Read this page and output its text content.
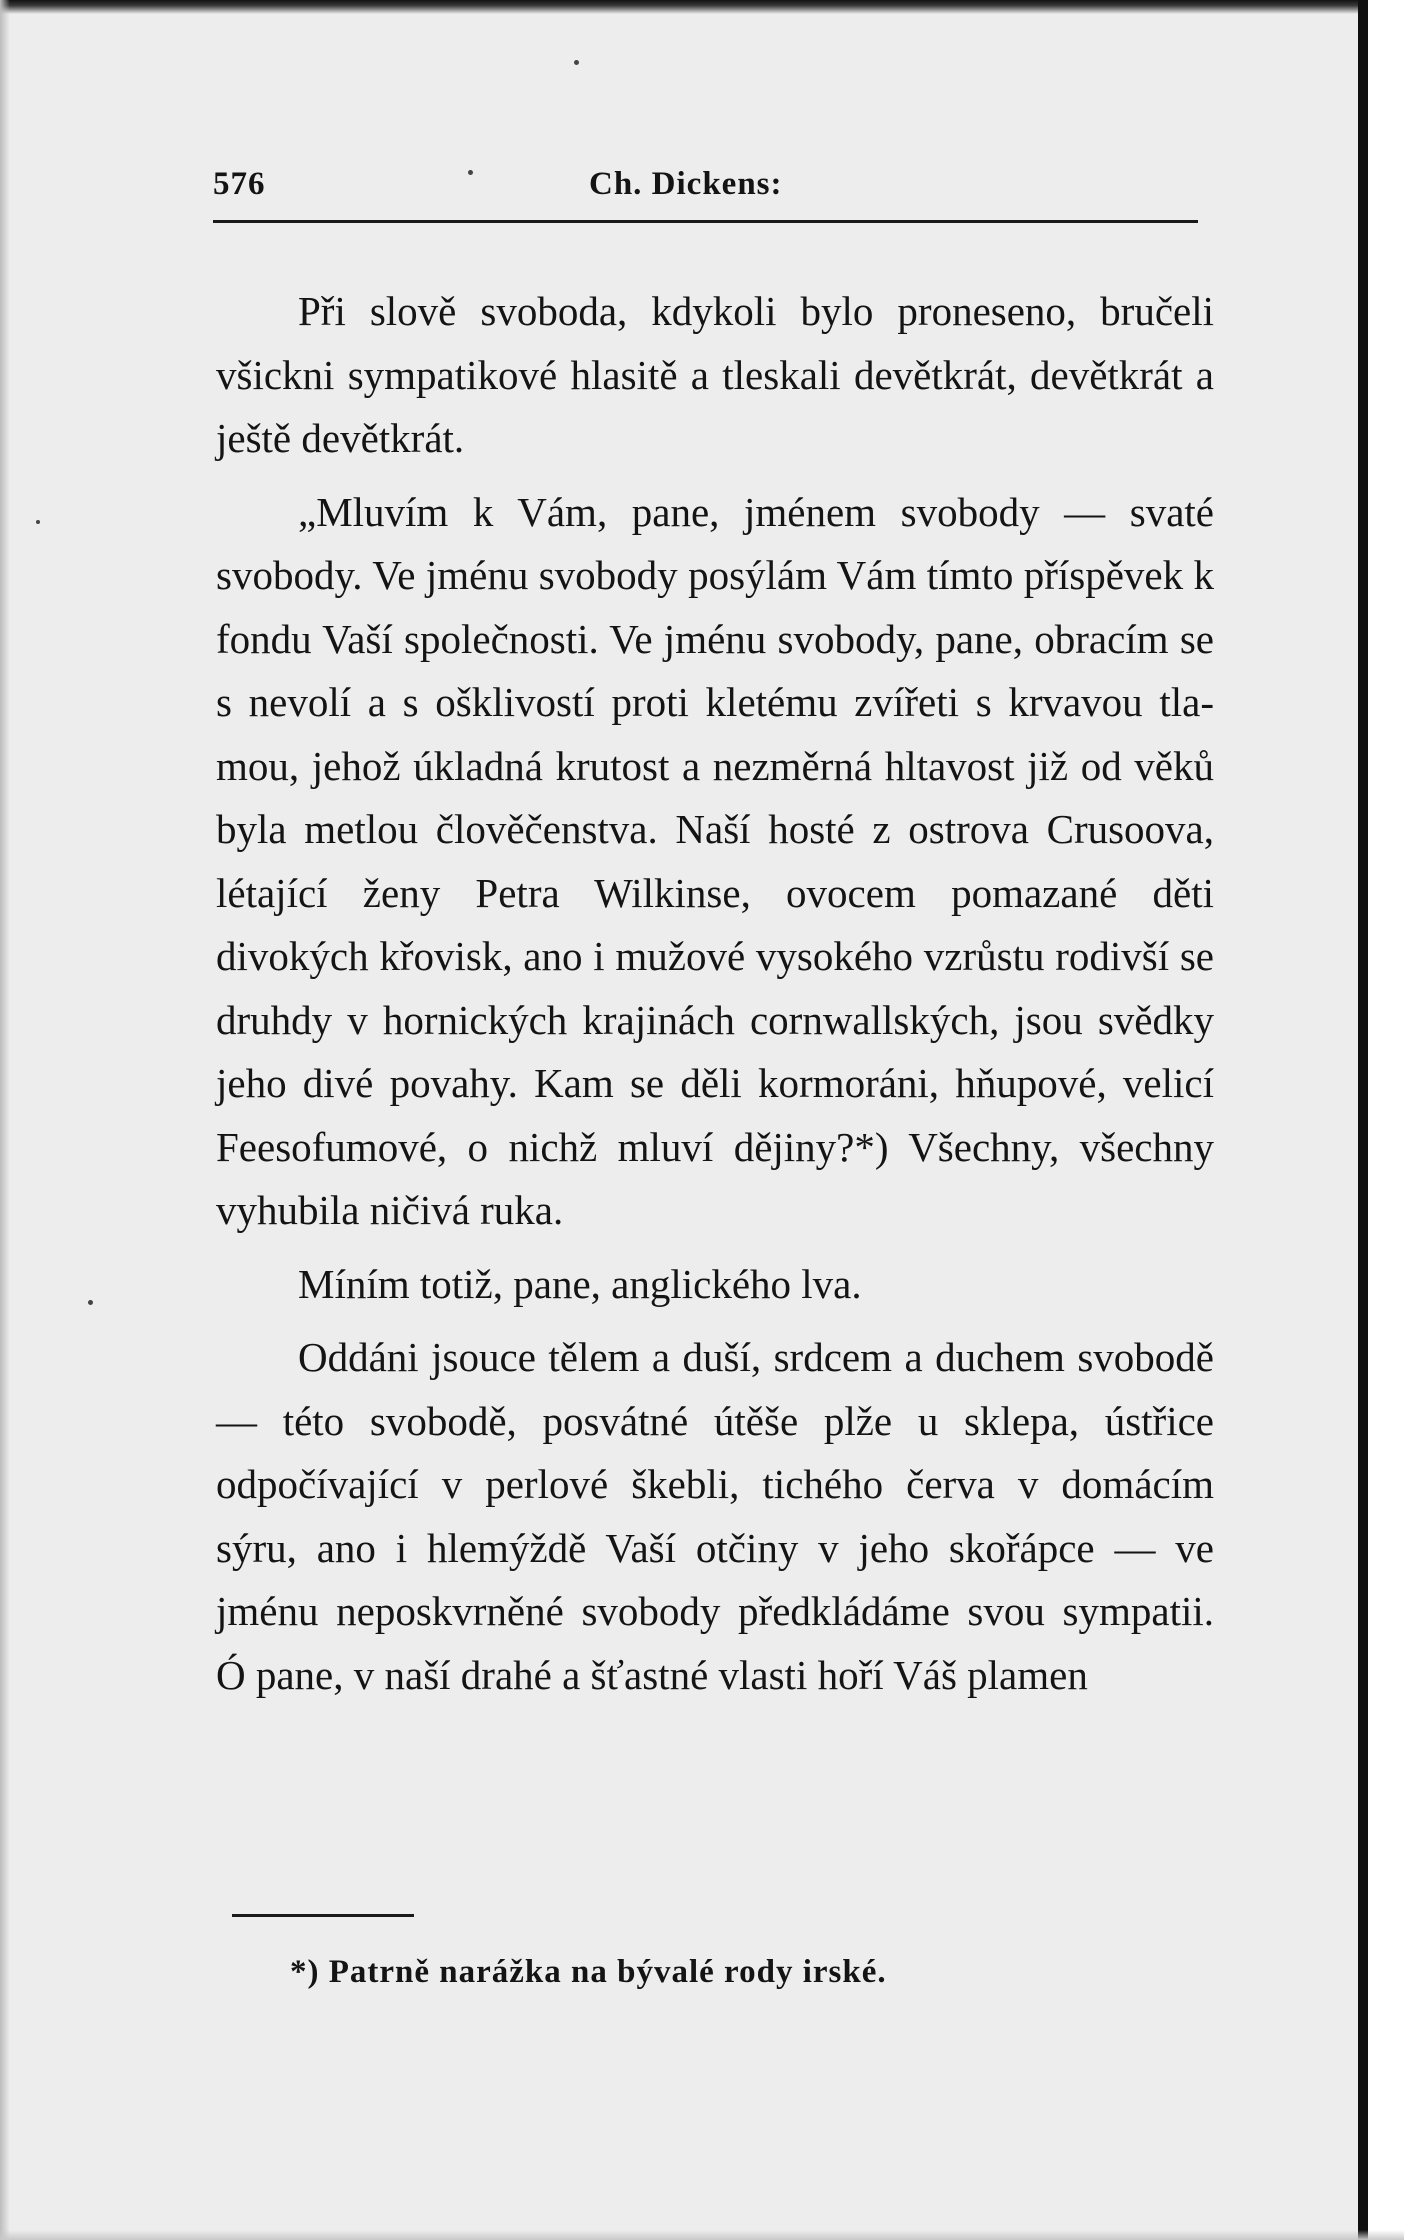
576	Ch. Dickens:

Při slově svoboda, kdykoli bylo proneseno, bručeli všickni sympatikové hlasitě a tleskali devětkrát, devětkrát a ještě devětkrát.

„Mluvím k Vám, pane, jménem svobody — svaté svobody. Ve jménu svobody posýlám Vám tímto příspěvek k fondu Vaší společnosti. Ve jménu svobody, pane, obracím se s nevolí a s ošklivostí proti kletému zvířeti s krvavou tlamou, jehož úkladná krutost a nezměrná hltavost již od věků byla metlou člověčenstva. Naší hosté z ostrova Crusoova, létající ženy Petra Wilkinse, ovocem pomazané děti divokých křovisk, ano i mužové vysokého vzrůstu rodivší se druhdy v hornických krajinách cornwallských, jsou svědky jeho divé povahy. Kam se děli kormoráni, hňupové, velicí Feesofumové, o nichž mluví dějiny?*) Všechny, všechny vyhubila ničivá ruka.

Míním totiž, pane, anglického lva.

Oddáni jsouce tělem a duší, srdcem a duchem svobodě — této svobodě, posvátné útěše plže u sklepa, ústřice odpočívající v perlové škebli, tichého červa v domácím sýru, ano i hlemýždě Vaší otčiny v jeho skořápce — ve jménu neposkvrněné svobody předkládáme svou sympatii. Ó pane, v naší drahé a šťastné vlasti hoří Váš plamen

*) Patrně narážka na bývalé rody irské.
